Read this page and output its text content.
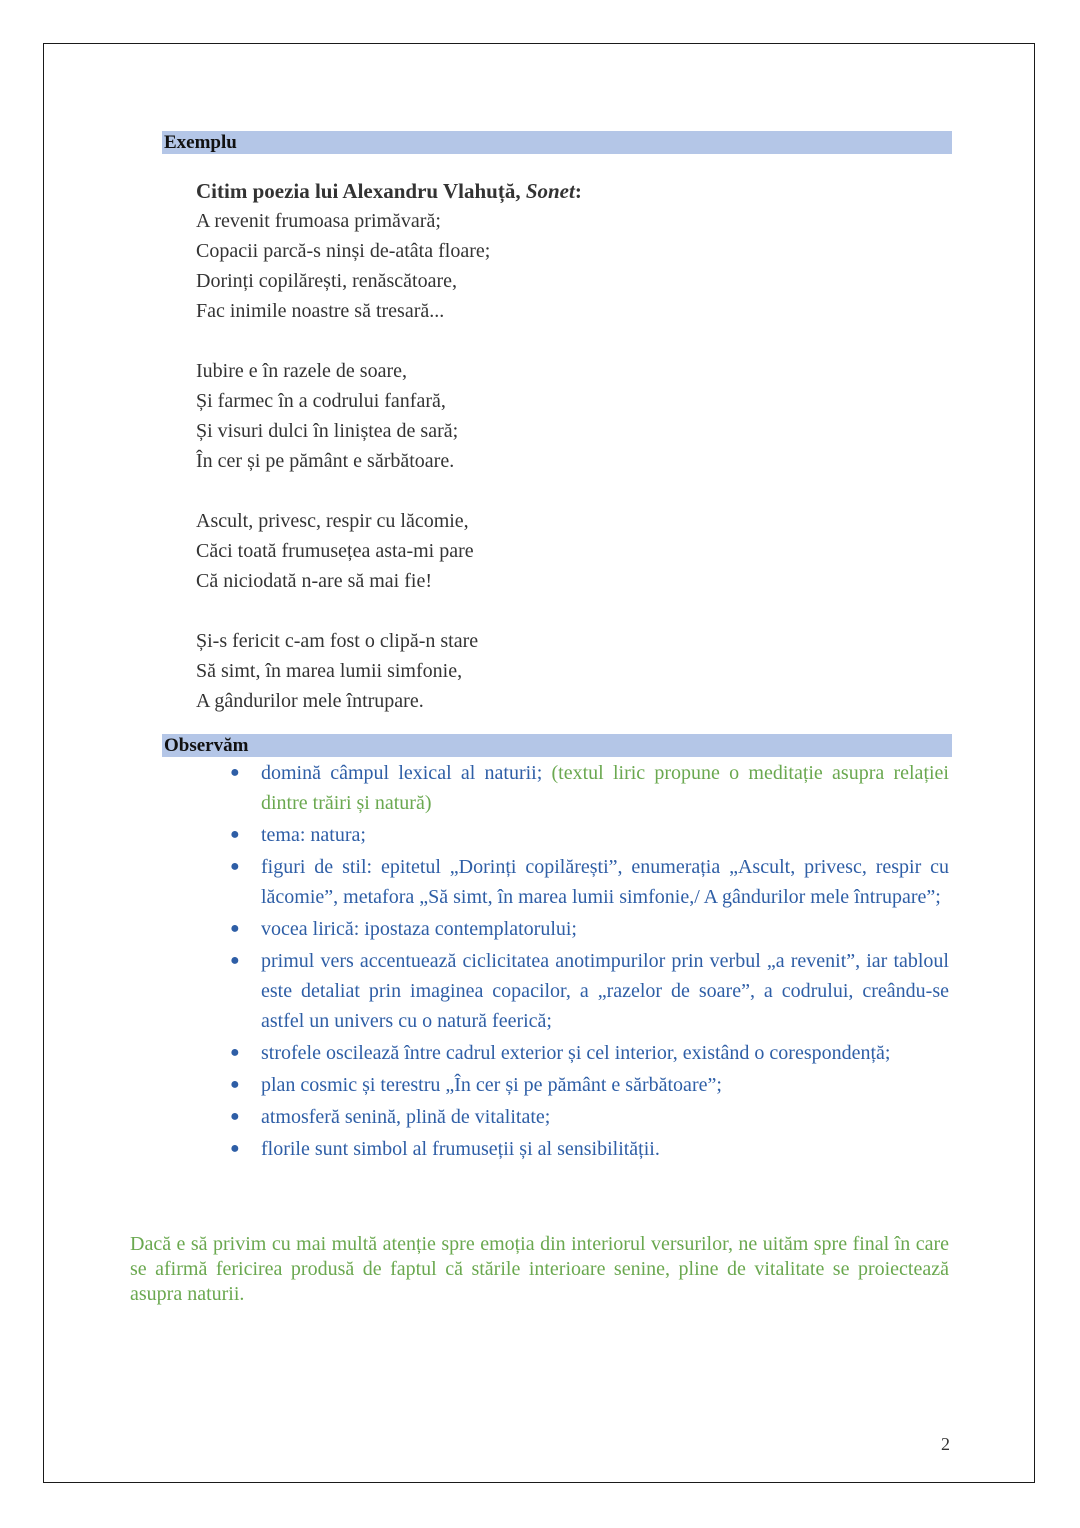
Exemplu

Citim poezia lui Alexandru Vlahuță, Sonet:

A revenit frumoasa primăvară;

Copacii parcă-s ninși de-atâta floare;

Dorinți copilărești, renăscătoare,

Fac inimile noastre să tresară...

Iubire e în razele de soare,

Și farmec în a codrului fanfară,

Și visuri dulci în liniștea de sară;

În cer și pe pământ e sărbătoare.

Ascult, privesc, respir cu lăcomie,

Căci toată frumusețea asta-mi pare

Că niciodată n-are să mai fie!

Și-s fericit c-am fost o clipă-n stare

Să simt, în marea lumii simfonie,

A gândurilor mele întrupare.

Observăm
● domină câmpul lexical al naturii; (textul liric propune o meditație asupra relației dintre trăiri și natură)
● tema: natura;
● figuri de stil: epitetul „Dorinți copilărești”, enumerația „Ascult, privesc, respir cu lăcomie”, metafora „Să simt, în marea lumii simfonie,/ A gândurilor mele întrupare”;
● vocea lirică: ipostaza contemplatorului;
● primul vers accentuează ciclicitatea anotimpurilor prin verbul „a revenit”, iar tabloul este detaliat prin imaginea copacilor, a „razelor de soare”, a codrului, creându-se astfel un univers cu o natură feerică;
● strofele oscilează între cadrul exterior și cel interior, existând o corespondență;
● plan cosmic și terestru „În cer și pe pământ e sărbătoare”;
● atmosferă senină, plină de vitalitate;
● florile sunt simbol al frumuseții și al sensibilității.

Dacă e să privim cu mai multă atenție spre emoția din interiorul versurilor, ne uităm spre final în care se afirmă fericirea produsă de faptul că stările interioare senine, pline de vitalitate se proiectează asupra naturii.

2
